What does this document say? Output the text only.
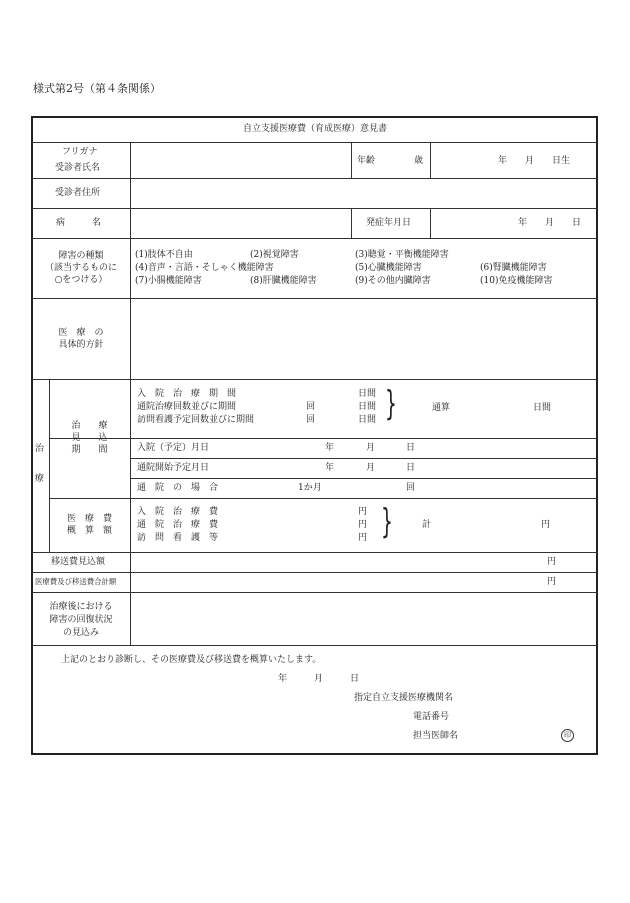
様式第2号（第４条関係）
自立支援医療費（育成医療）意見書
フリガナ
受診者氏名
年齢	歳	年　　月　　日生
受診者住所
病　　　名	発症年月日	年　　月　　日
障害の種類
（該当するものに
○をつける）
(1)肢体不自由	(2)視覚障害	(3)聴覚・平衡機能障害
(4)音声・言語・そしゃく機能障害	(5)心臓機能障害	(6)腎臓機能障害
(7)小腸機能障害	(8)肝臓機能障害	(9)その他内臓障害	(10)免疫機能障害
医　療　の
具体的方針
治
療
治　　療
見　　込
期　　間
入　院　治　療　期　間	日間
通院治療回数並びに期間	回	日間
訪問看護予定回数並びに期間	回	日間 }	通算	日間
入院（予定）月日	年	月	日
通院開始予定月日	年	月	日
通　院　の　場　合	1か月	回
医　療　費
概　算　額
入　院　治　療　費	円
通　院　治　療　費	円
訪　問　看　護　等	円 }	計	円
移送費見込額	円
医療費及び移送費合計額	円
治療後における
障害の回復状況
の見込み
上記のとおり診断し、その医療費及び移送費を概算いたします。
年　　　月　　　日
指定自立支援医療機関名
電話番号
担当医師名	印
